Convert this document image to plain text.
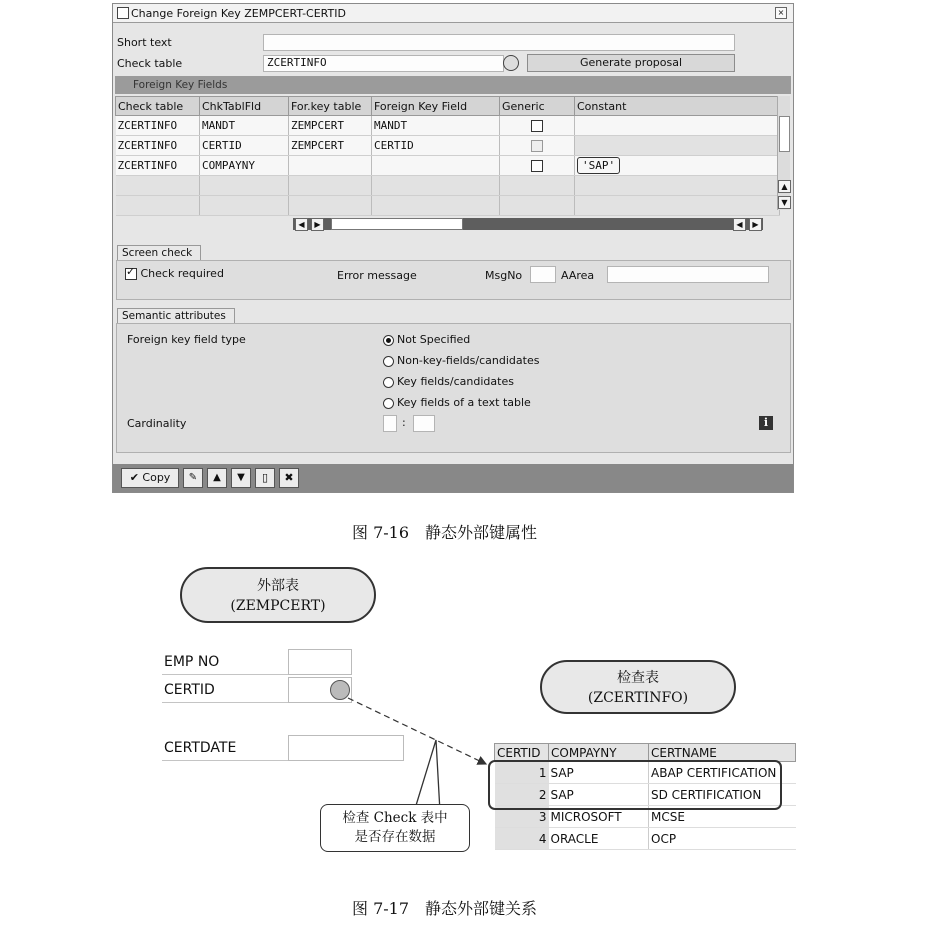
Change Foreign Key ZEMPCERT-CERTID	×
Short text
Check table	ZCERTINFO	Generate proposal
Foreign Key Fields
Check table	ChkTablFld	For.key table	Foreign Key Field	Generic	Constant
ZCERTINFO	MANDT	ZEMPCERT	MANDT		
ZCERTINFO	CERTID	ZEMPCERT	CERTID		
ZCERTINFO	COMPAYNY				'SAP'

▲
▼
◀	▶	◀	▶
Screen check
✓ Check required	Error message	MsgNo	AArea
Semantic attributes
Foreign key field type	Not Specified
Non-key-fields/candidates
Key fields/candidates
Key fields of a text table
Cardinality	:	i
✔ Copy	✎	▲	▼	▯	✖
图 7-16　静态外部键属性
外部表
(ZEMPCERT)
EMP NO
CERTID
CERTDATE
检查表
(ZCERTINFO)
CERTID	COMPAYNY	CERTNAME
1	SAP	ABAP CERTIFICATION
2	SAP	SD CERTIFICATION
3	MICROSOFT	MCSE
4	ORACLE	OCP
检查 Check 表中
是否存在数据
图 7-17　静态外部键关系
